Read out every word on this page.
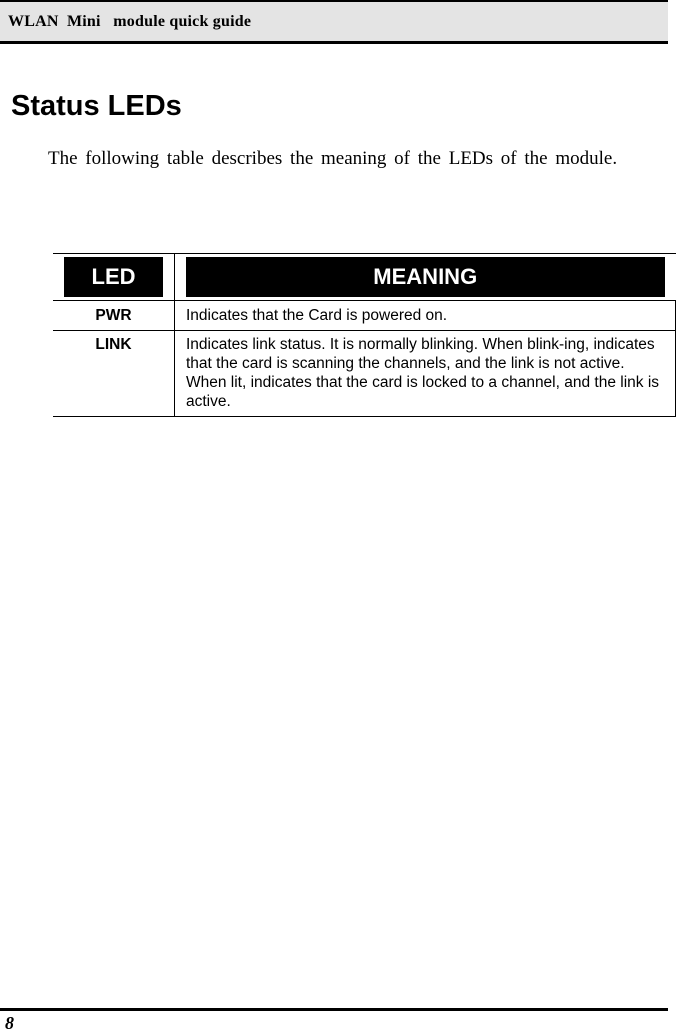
WLAN  Mini   module quick guide
Status LEDs

The following table describes the meaning of the LEDs of the module.

LED	MEANING

PWR	Indicates that the Card is powered on.
LINK	Indicates link status. It is normally blinking. When blink-ing, indicates that the card is scanning the channels, and the link is not active. When lit, indicates that the card is locked to a channel, and the link is active.
8
